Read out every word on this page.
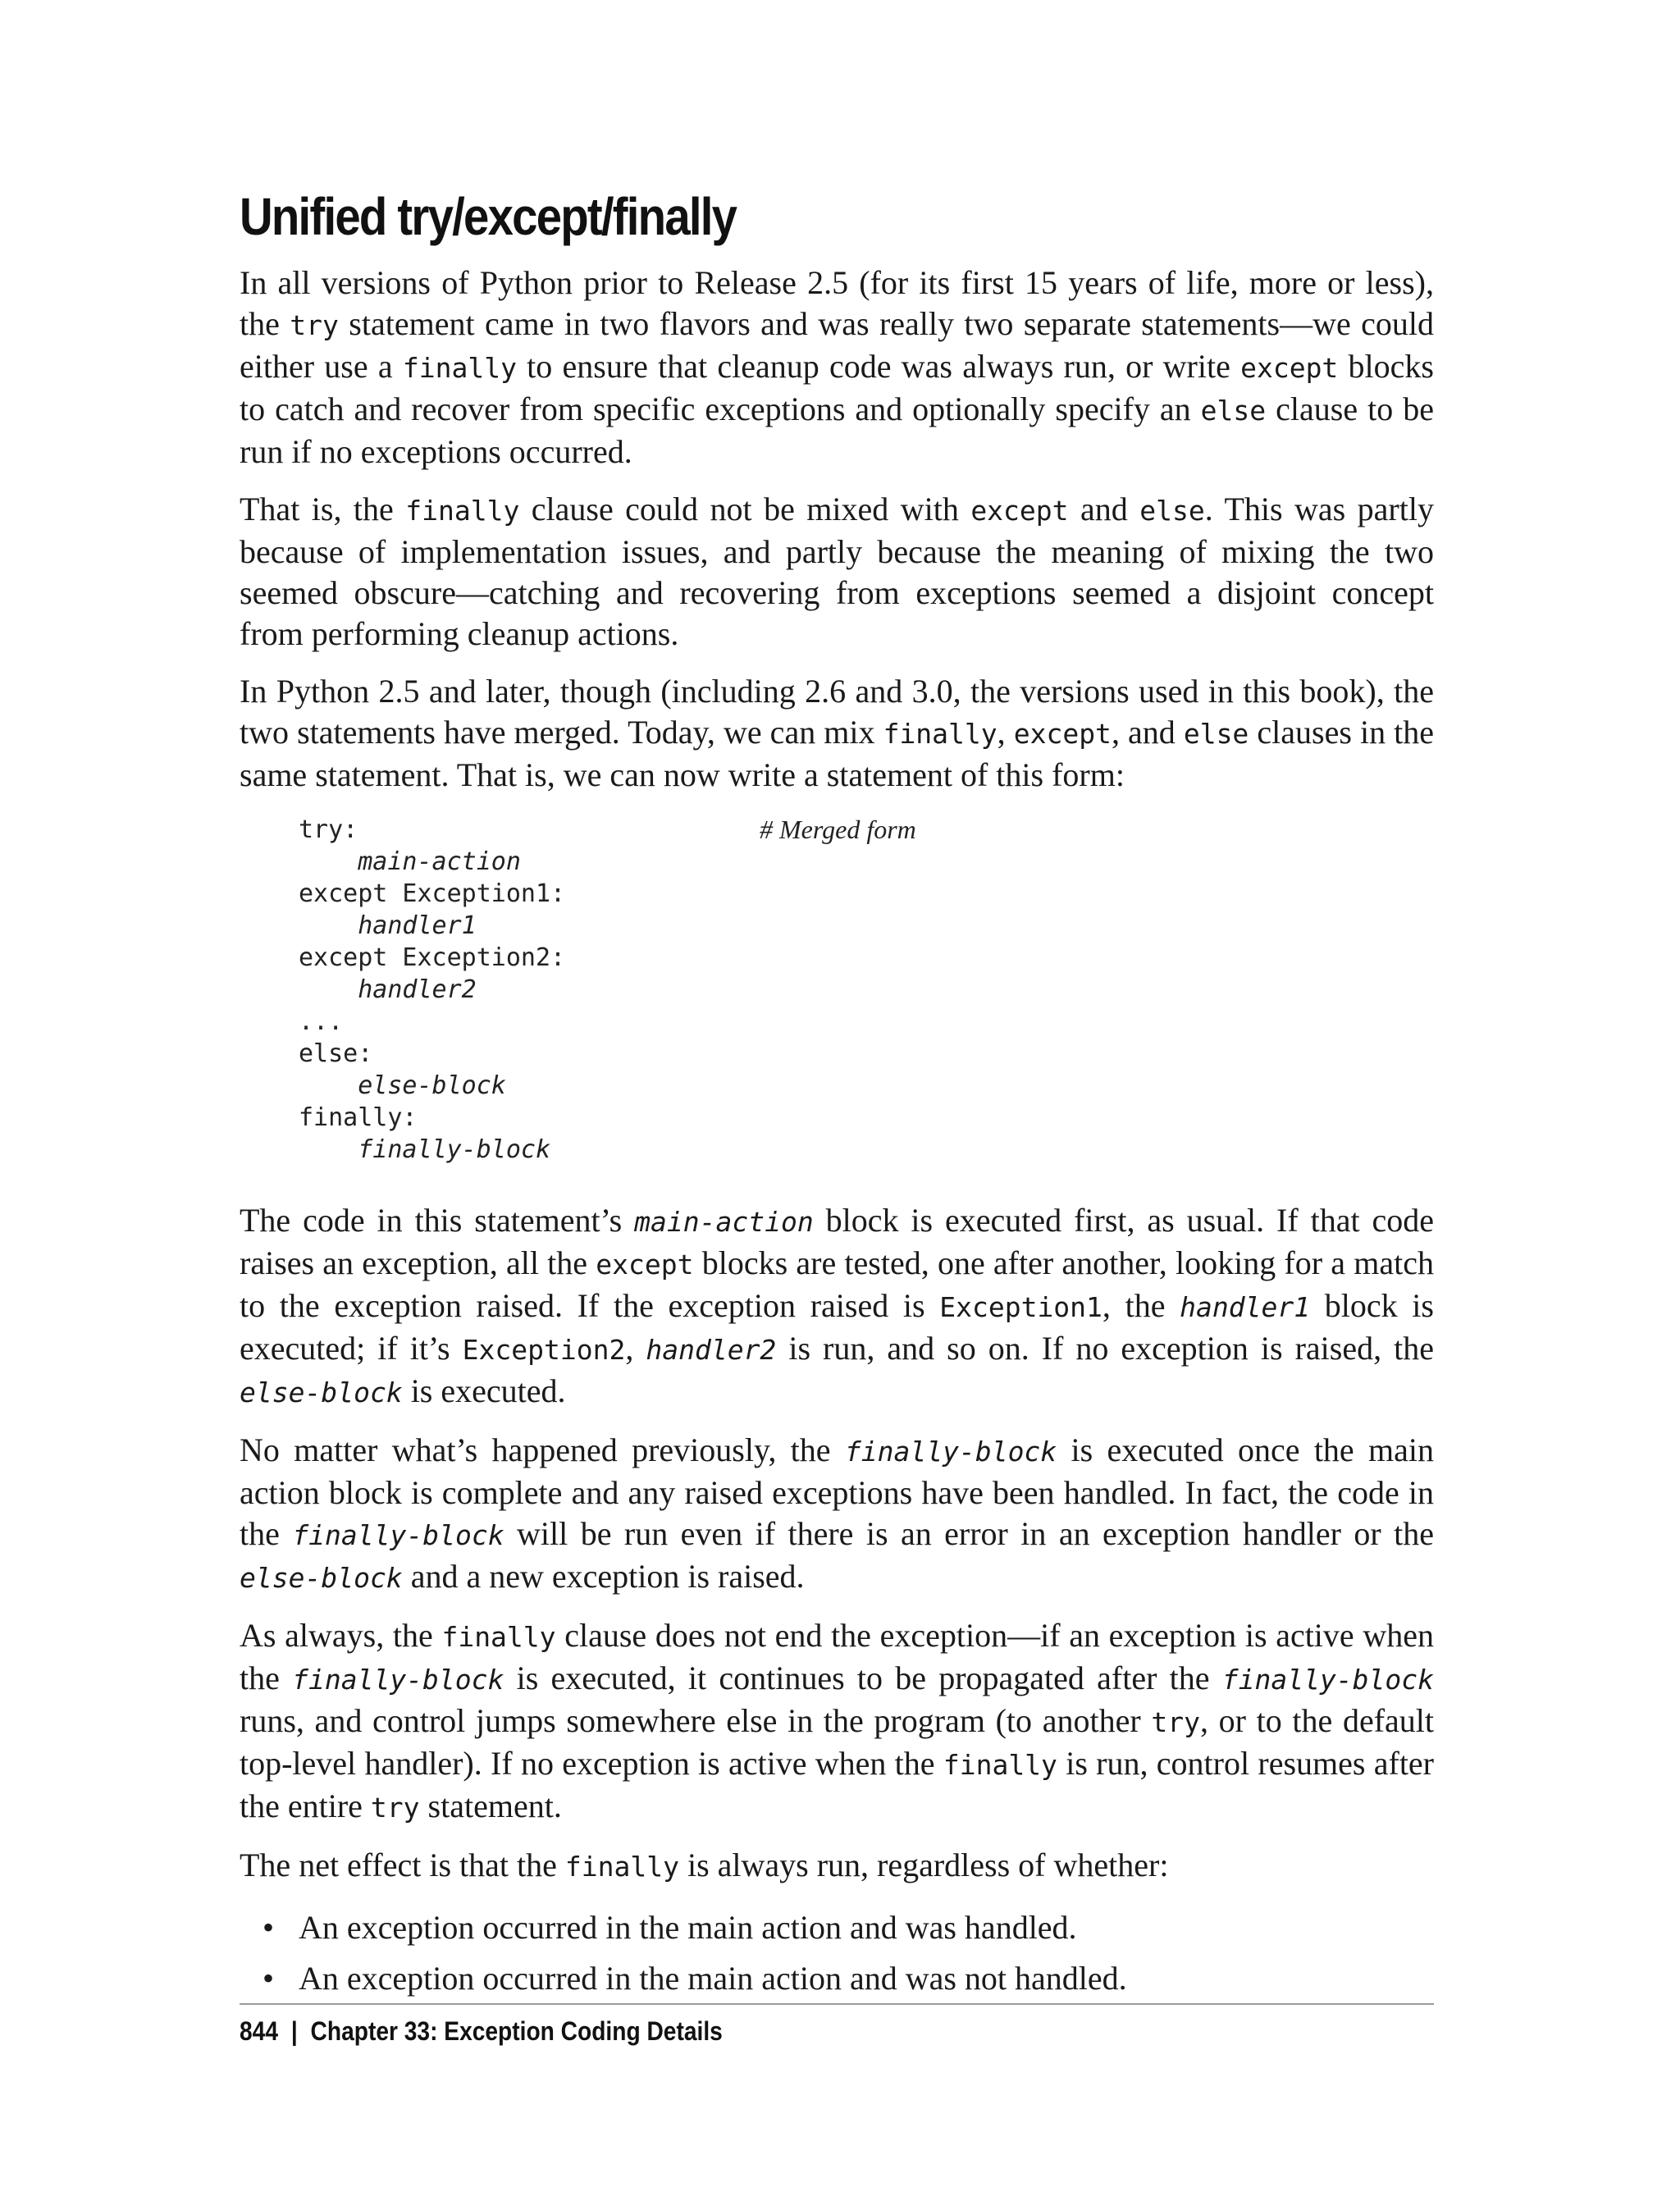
Unified try/except/finally

In all versions of Python prior to Release 2.5 (for its first 15 years of life, more or less), the try statement came in two flavors and was really two separate statements—we could either use a finally to ensure that cleanup code was always run, or write except blocks to catch and recover from specific exceptions and optionally specify an else clause to be run if no exceptions occurred.

That is, the finally clause could not be mixed with except and else. This was partly because of implementation issues, and partly because the meaning of mixing the two seemed obscure—catching and recovering from exceptions seemed a disjoint concept from performing cleanup actions.

In Python 2.5 and later, though (including 2.6 and 3.0, the versions used in this book), the two statements have merged. Today, we can mix finally, except, and else clauses in the same statement. That is, we can now write a statement of this form:

# Merged form
try:
main-action
except Exception1:
handler1
except Exception2:
handler2
...
else:
else-block
finally:
finally-block

The code in this statement’s main-action block is executed first, as usual. If that code raises an exception, all the except blocks are tested, one after another, looking for a match to the exception raised. If the exception raised is Exception1, the handler1 block is executed; if it’s Exception2, handler2 is run, and so on. If no exception is raised, the else-block is executed.

No matter what’s happened previously, the finally-block is executed once the main action block is complete and any raised exceptions have been handled. In fact, the code in the finally-block will be run even if there is an error in an exception handler or the else-block and a new exception is raised.

As always, the finally clause does not end the exception—if an exception is active when the finally-block is executed, it continues to be propagated after the finally-block runs, and control jumps somewhere else in the program (to another try, or to the default top-level handler). If no exception is active when the finally is run, control resumes after the entire try statement.

The net effect is that the finally is always run, regardless of whether:

• An exception occurred in the main action and was handled.
• An exception occurred in the main action and was not handled.
844 | Chapter 33: Exception Coding Details
